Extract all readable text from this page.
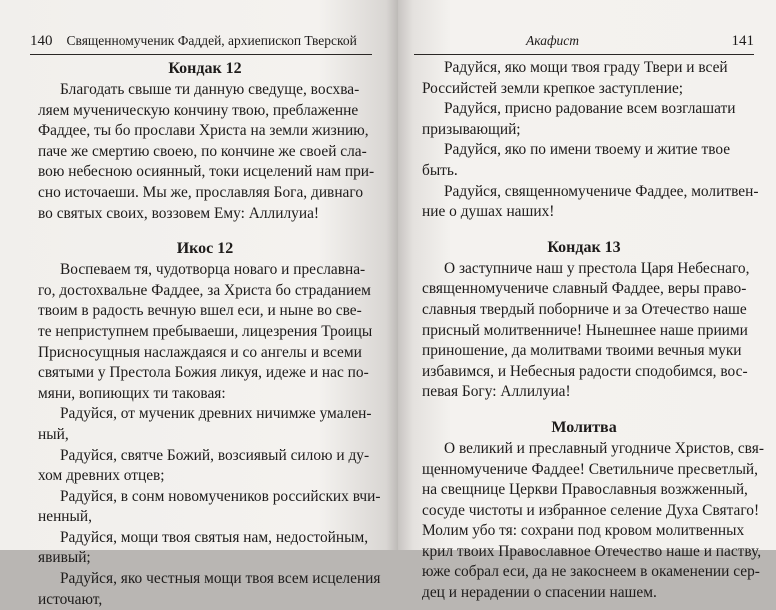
140 Священномученик Фаддей, архиепископ Тверской
Кондак 12
Благодать свыше ти данную сведуще, восхва-
ляем мученическую кончину твою, преблаженне
Фаддее, ты бо прослави Христа на земли жизнию,
паче же смертию своею, по кончине же своей сла-
вою небесною осиянный, токи исцелений нам при-
сно источаеши. Мы же, прославляя Бога, дивнаго
во святых своих, воззовем Ему: Аллилуиа!
Икос 12
Воспеваем тя, чудотворца новаго и преславна-
го, достохвальне Фаддее, за Христа бо страданием
твоим в радость вечную вшел еси, и ныне во све-
те неприступнем пребываеши, лицезрения Троицы
Присносущныя наслаждаяся и со ангелы и всеми
святыми у Престола Божия ликуя, идеже и нас по-
мяни, вопиющих ти таковая:
Радуйся, от мученик древних ничимже умален-
ный,
Радуйся, святче Божий, возсиявый силою и ду-
хом древних отцев;
Радуйся, в сонм новомучеников российских вчи-
ненный,
Радуйся, мощи твоя святыя нам, недостойным,
явивый;
Радуйся, яко честныя мощи твоя всем исцеления
источают,
Акафист	141
Радуйся, яко мощи твоя граду Твери и всей
Российстей земли крепкое заступление;
Радуйся, присно радование всем возглашати
призывающий;
Радуйся, яко по имени твоему и житие твое
быть.
Радуйся, священномучениче Фаддее, молитвен-
ние о душах наших!
Кондак 13
О заступниче наш у престола Царя Небеснаго,
священномучениче славный Фаддее, веры право-
славныя твердый поборниче и за Отечество наше
присный молитвенниче! Нынешнее наше приими
приношение, да молитвами твоими вечныя муки
избавимся, и Небесныя радости сподобимся, вос-
певая Богу: Аллилуиа!
Молитва
О великий и преславный угодниче Христов, свя-
щенномучениче Фаддее! Светильниче пресветлый,
на свещнице Церкви Православныя возжженный,
сосуде чистоты и избранное селение Духа Святаго!
Молим убо тя: сохрани под кровом молитвенных
крил твоих Православное Отечество наше и паству,
юже собрал еси, да не закоснеем в окаменении сер-
дец и нерадении о спасении нашем.
